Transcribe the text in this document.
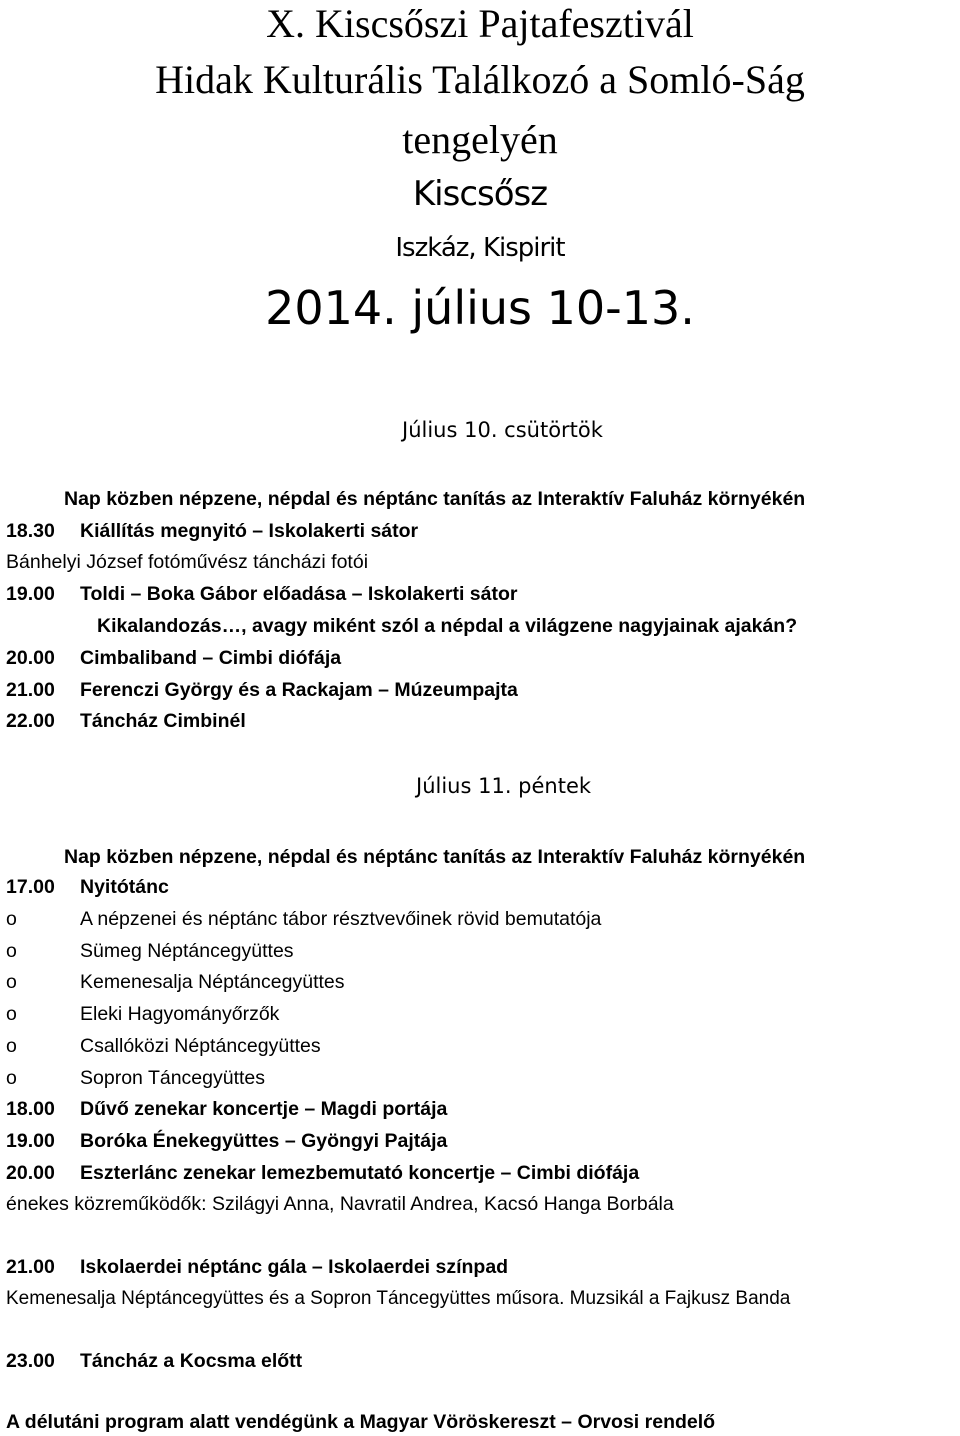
X. Kiscsőszi Pajtafesztivál
Hidak Kulturális Találkozó a Somló-Ság
tengelyén
Kiscsősz
Iszkáz, Kispirit
2014. július 10-13.
Július 10. csütörtök
Nap közben népzene, népdal és néptánc tanítás az Interaktív Faluház környékén
18.30 Kiállítás megnyitó – Iskolakerti sátor
Bánhelyi József fotóművész táncházi fotói
19.00 Toldi – Boka Gábor előadása – Iskolakerti sátor
Kikalandozás…, avagy miként szól a népdal a világzene nagyjainak ajakán?
20.00 Cimbaliband – Cimbi diófája
21.00 Ferenczi György és a Rackajam – Múzeumpajta
22.00 Táncház Cimbinél
Július 11. péntek
Nap közben népzene, népdal és néptánc tanítás az Interaktív Faluház környékén
17.00 Nyitótánc
o	A népzenei és néptánc tábor résztvevőinek rövid bemutatója
o	Sümeg Néptáncegyüttes
o	Kemenesalja Néptáncegyüttes
o	Eleki Hagyományőrzők
o	Csallóközi Néptáncegyüttes
o	Sopron Táncegyüttes
18.00 Dűvő zenekar koncertje – Magdi portája
19.00 Boróka Énekegyüttes – Gyöngyi Pajtája
20.00 Eszterlánc zenekar lemezbemutató koncertje – Cimbi diófája
énekes közreműködők: Szilágyi Anna, Navratil Andrea, Kacsó Hanga Borbála
21.00 Iskolaerdei néptánc gála – Iskolaerdei színpad
Kemenesalja Néptáncegyüttes és a Sopron Táncegyüttes műsora. Muzsikál a Fajkusz Banda
23.00 Táncház a Kocsma előtt
A délutáni program alatt vendégünk a Magyar Vöröskereszt – Orvosi rendelő
